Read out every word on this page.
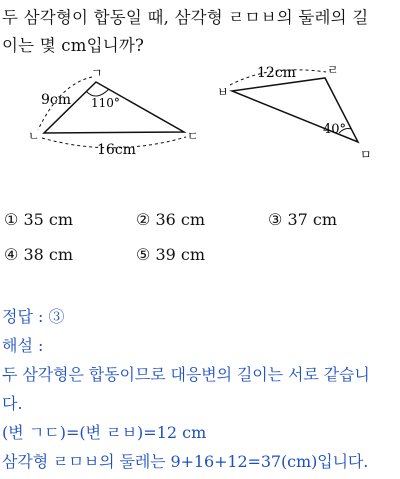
두 삼각형이 합동일 때, 삼각형 ㄹㅁㅂ의 둘레의 길
이는 몇 cm입니까?
ㄱ
ㄴ	ㄷ
9cm 110°
16cm
ㅂ
ㄹ
ㅁ
12cm
40°
① 35 cm	② 36 cm	③ 37 cm
④ 38 cm	⑤ 39 cm
정답 : ③
해설 :
두 삼각형은 합동이므로 대응변의 길이는 서로 같습니
다.
(변 ㄱㄷ)=(변 ㄹㅂ)=12 cm
삼각형 ㄹㅁㅂ의 둘레는 9+16+12=37(cm)입니다.
